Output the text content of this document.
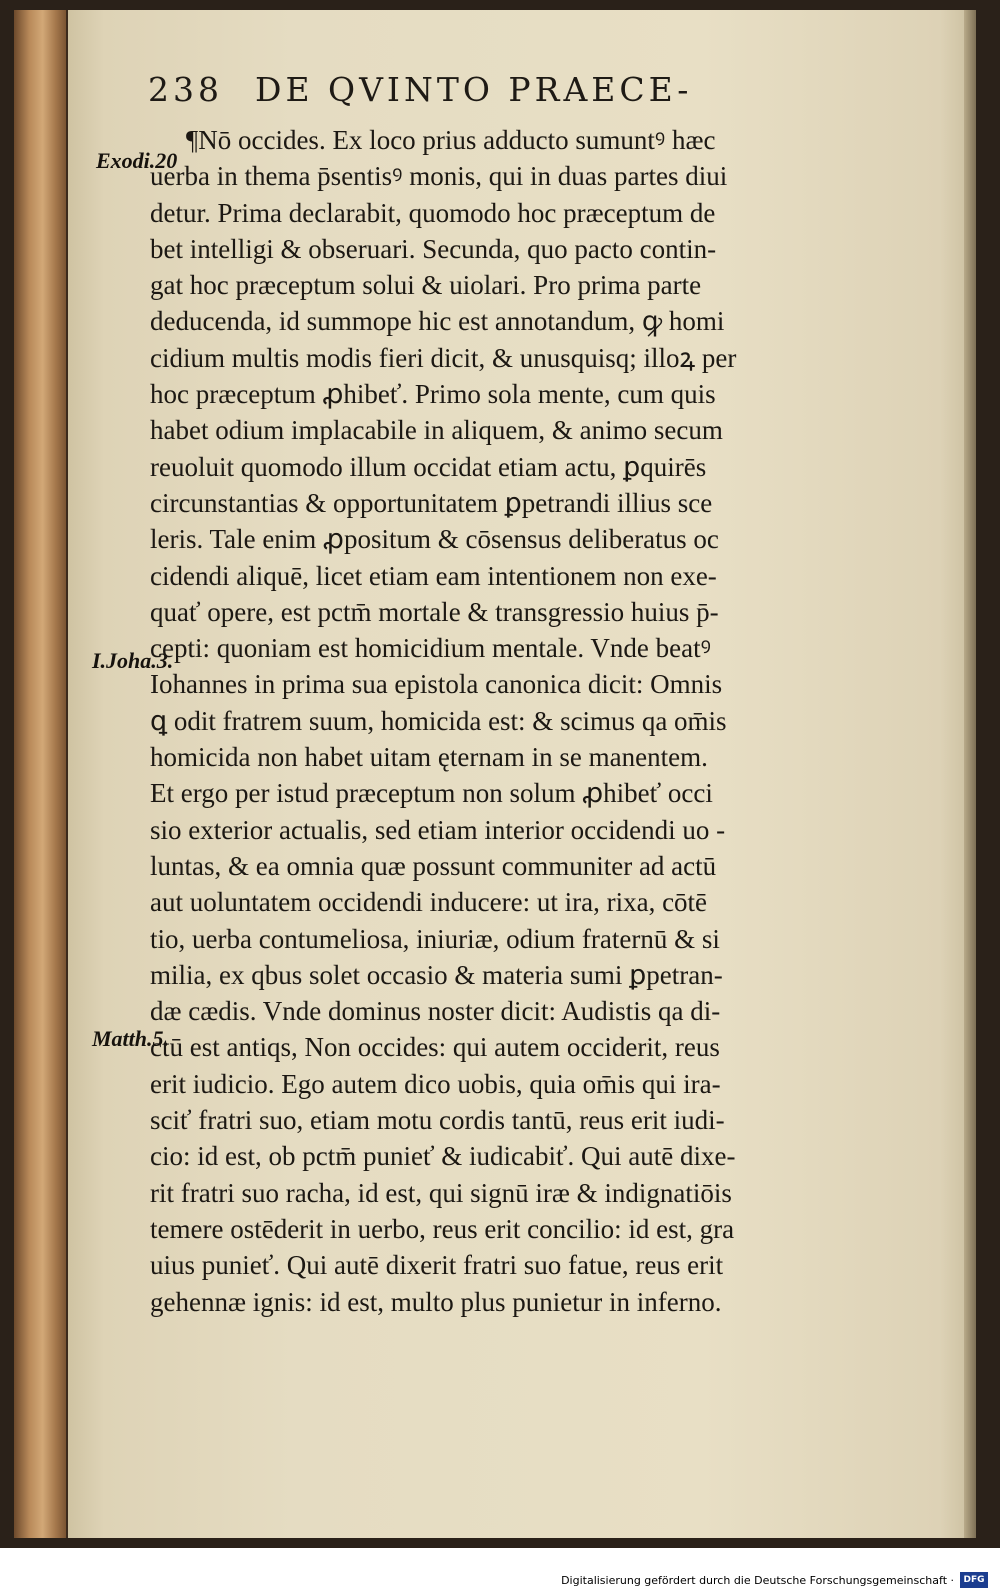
238 DE QVINTO PRAECE-
Exodi.20
I.Joha.3.
Matth.5.
¶Nō occides. Ex loco prius adducto sumuntꝰ hæc
uerba in thema p̄sentisꝰ monis, qui in duas partes diui
detur. Prima declarabit, quomodo hoc præceptum de
bet intelligi & obseruari. Secunda, quo pacto contin-
gat hoc præceptum solui & uiolari. Pro prima parte
deducenda, id summope hic est annotandum, ꝙ homi
cidium multis modis fieri dicit, & unusquisq; illoꝝ per
hoc præceptum ꝓhibeť. Primo sola mente, cum quis
habet odium implacabile in aliquem, & animo secum
reuoluit quomodo illum occidat etiam actu, ꝑquirēs
circunstantias & opportunitatem ꝑpetrandi illius sce
leris. Tale enim ꝓpositum & cōsensus deliberatus oc
cidendi aliquē, licet etiam eam intentionem non exe-
quať opere, est pctm̄ mortale & transgressio huius p̄-
cepti: quoniam est homicidium mentale. Vnde beatꝰ
Iohannes in prima sua epistola canonica dicit: Omnis
ꝗ odit fratrem suum, homicida est: & scimus qa om̄is
homicida non habet uitam ęternam in se manentem.
Et ergo per istud præceptum non solum ꝓhibeť occi
sio exterior actualis, sed etiam interior occidendi uo -
luntas, & ea omnia quæ possunt communiter ad actū
aut uoluntatem occidendi inducere: ut ira, rixa, cōtē
tio, uerba contumeliosa, iniuriæ, odium fraternū & si
milia, ex qbus solet occasio & materia sumi ꝑpetran-
dæ cædis. Vnde dominus noster dicit: Audistis qa di-
ctū est antiqs, Non occides: qui autem occiderit, reus
erit iudicio. Ego autem dico uobis, quia om̄is qui ira-
sciť fratri suo, etiam motu cordis tantū, reus erit iudi-
cio: id est, ob pctm̄ punieť & iudicabiť. Qui autē dixe-
rit fratri suo racha, id est, qui signū iræ & indignatiōis
temere ostēderit in uerbo, reus erit concilio: id est, gra
uius punieť. Qui autē dixerit fratri suo fatue, reus erit
gehennæ ignis: id est, multo plus punietur in inferno.
Digitalisierung gefördert durch die Deutsche Forschungsgemeinschaft ·	DFG
